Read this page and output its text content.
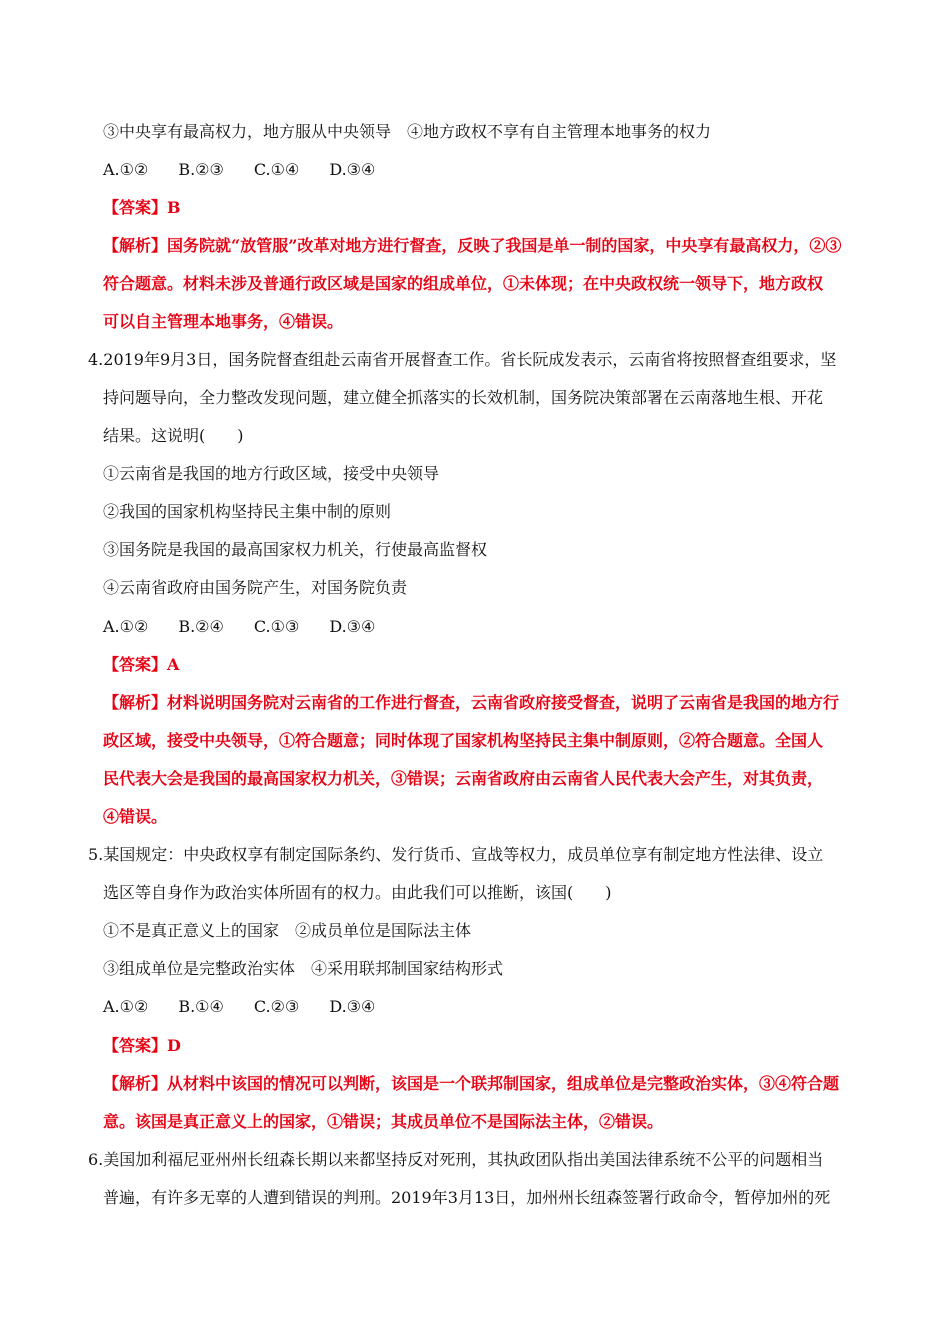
③中央享有最高权力，地方服从中央领导　④地方政权不享有自主管理本地事务的权力
A.①② B.②③ C.①④ D.③④
【答案】B
【解析】国务院就“放管服”改革对地方进行督查，反映了我国是单一制的国家，中央享有最高权力，②③
符合题意。材料未涉及普通行政区域是国家的组成单位，①未体现；在中央政权统一领导下，地方政权
可以自主管理本地事务，④错误。
4.2019年9月3日，国务院督查组赴云南省开展督查工作。省长阮成发表示，云南省将按照督查组要求，坚
持问题导向，全力整改发现问题，建立健全抓落实的长效机制，国务院决策部署在云南落地生根、开花
结果。这说明(　　)
①云南省是我国的地方行政区域，接受中央领导
②我国的国家机构坚持民主集中制的原则
③国务院是我国的最高国家权力机关，行使最高监督权
④云南省政府由国务院产生，对国务院负责
A.①② B.②④ C.①③ D.③④
【答案】A
【解析】材料说明国务院对云南省的工作进行督查，云南省政府接受督查，说明了云南省是我国的地方行
政区域，接受中央领导，①符合题意；同时体现了国家机构坚持民主集中制原则，②符合题意。全国人
民代表大会是我国的最高国家权力机关，③错误；云南省政府由云南省人民代表大会产生，对其负责，
④错误。
5.某国规定：中央政权享有制定国际条约、发行货币、宣战等权力，成员单位享有制定地方性法律、设立
选区等自身作为政治实体所固有的权力。由此我们可以推断，该国(　　)
①不是真正意义上的国家　②成员单位是国际法主体
③组成单位是完整政治实体　④采用联邦制国家结构形式
A.①② B.①④ C.②③ D.③④
【答案】D
【解析】从材料中该国的情况可以判断，该国是一个联邦制国家，组成单位是完整政治实体，③④符合题
意。该国是真正意义上的国家，①错误；其成员单位不是国际法主体，②错误。
6.美国加利福尼亚州州长纽森长期以来都坚持反对死刑，其执政团队指出美国法律系统不公平的问题相当
普遍，有许多无辜的人遭到错误的判刑。2019年3月13日，加州州长纽森签署行政命令，暂停加州的死
